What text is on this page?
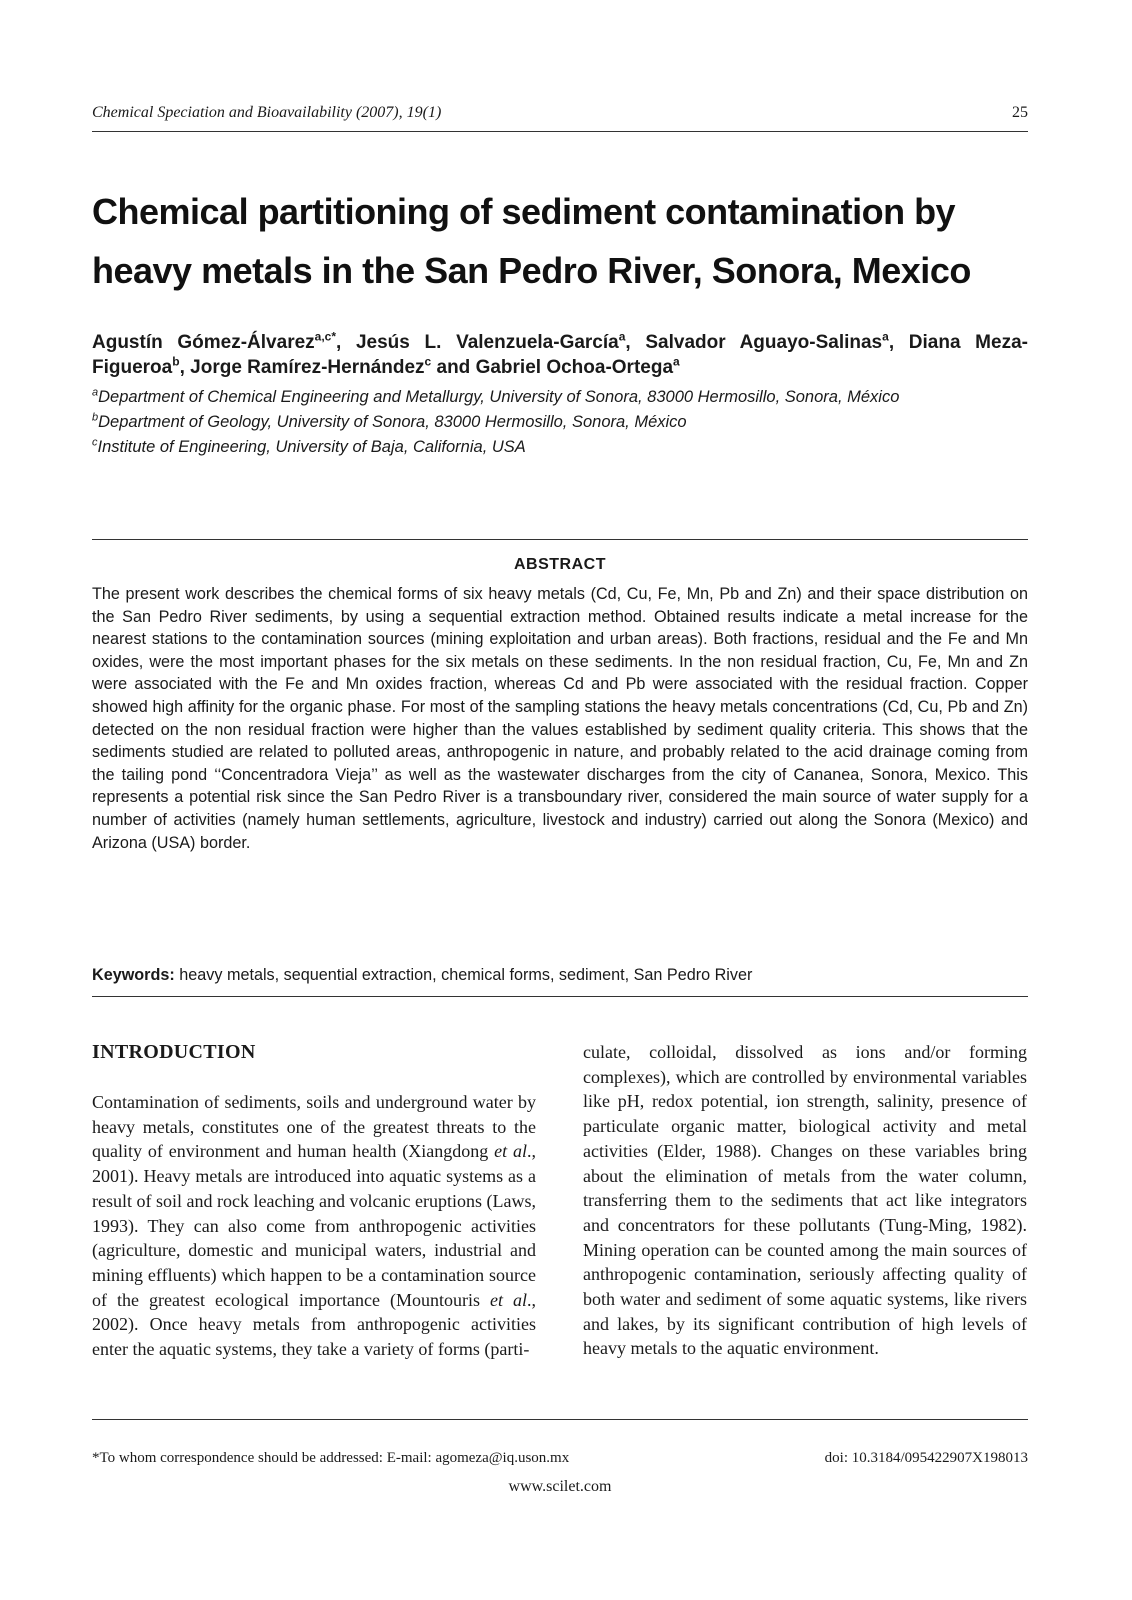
Chemical Speciation and Bioavailability (2007), 19(1)	25
Chemical partitioning of sediment contamination by heavy metals in the San Pedro River, Sonora, Mexico
Agustín Gómez-Álvarez$^{a,c*}$, Jesús L. Valenzuela-García$^a$, Salvador Aguayo-Salinas$^a$, Diana Meza-Figueroa$^b$, Jorge Ramírez-Hernández$^c$ and Gabriel Ochoa-Ortega$^a$
$^a$Department of Chemical Engineering and Metallurgy, University of Sonora, 83000 Hermosillo, Sonora, México
$^b$Department of Geology, University of Sonora, 83000 Hermosillo, Sonora, México
$^c$Institute of Engineering, University of Baja, California, USA
ABSTRACT

The present work describes the chemical forms of six heavy metals (Cd, Cu, Fe, Mn, Pb and Zn) and their space distribution on the San Pedro River sediments, by using a sequential extraction method. Obtained results indicate a metal increase for the nearest stations to the contamination sources (mining exploitation and urban areas). Both fractions, residual and the Fe and Mn oxides, were the most important phases for the six metals on these sediments. In the non residual fraction, Cu, Fe, Mn and Zn were associated with the Fe and Mn oxides fraction, whereas Cd and Pb were associated with the residual fraction. Copper showed high affinity for the organic phase. For most of the sampling stations the heavy metals concentrations (Cd, Cu, Pb and Zn) detected on the non residual fraction were higher than the values established by sediment quality criteria. This shows that the sediments studied are related to polluted areas, anthropogenic in nature, and probably related to the acid drainage coming from the tailing pond ‘‘Concentradora Vieja’’ as well as the wastewater discharges from the city of Cananea, Sonora, Mexico. This represents a potential risk since the San Pedro River is a transboundary river, considered the main source of water supply for a number of activities (namely human settlements, agriculture, livestock and industry) carried out along the Sonora (Mexico) and Arizona (USA) border.

Keywords: heavy metals, sequential extraction, chemical forms, sediment, San Pedro River
INTRODUCTION

Contamination of sediments, soils and underground water by heavy metals, constitutes one of the greatest threats to the quality of environment and human health (Xiangdong et al., 2001). Heavy metals are introduced into aquatic systems as a result of soil and rock leaching and volcanic eruptions (Laws, 1993). They can also come from anthropogenic activities (agriculture, domestic and municipal waters, industrial and mining effluents) which happen to be a contamination source of the greatest ecological importance (Mountouris et al., 2002). Once heavy metals from anthropogenic activities enter the aquatic systems, they take a variety of forms (parti-

culate, colloidal, dissolved as ions and/or forming complexes), which are controlled by environmental variables like pH, redox potential, ion strength, salinity, presence of particulate organic matter, biological activity and metal activities (Elder, 1988). Changes on these variables bring about the elimination of metals from the water column, transferring them to the sediments that act like integrators and concentrators for these pollutants (Tung-Ming, 1982). Mining operation can be counted among the main sources of anthropogenic contamination, seriously affecting quality of both water and sediment of some aquatic systems, like rivers and lakes, by its significant contribution of high levels of heavy metals to the aquatic environment.

*To whom correspondence should be addressed: E-mail: agomeza@iq.uson.mx	doi: 10.3184/095422907X198013
www.scilet.com
